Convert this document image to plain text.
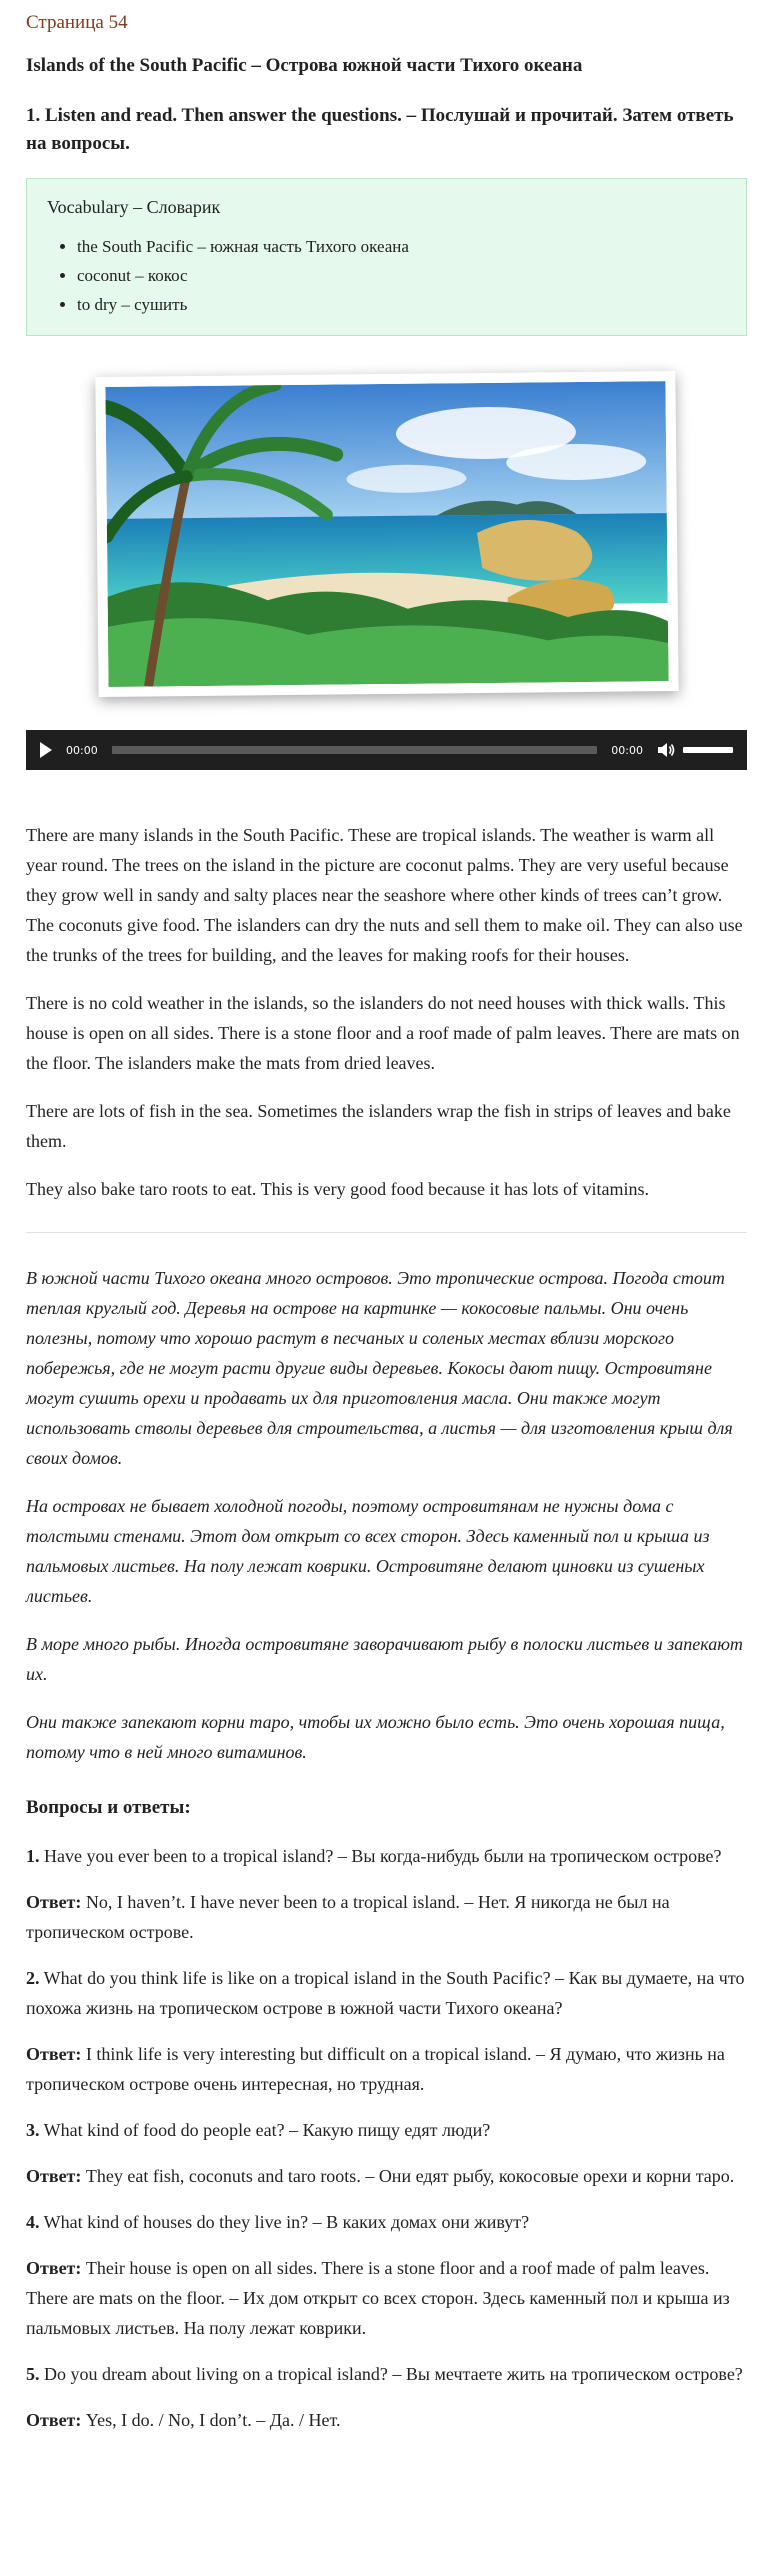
Страница 54
Islands of the South Pacific – Острова южной части Тихого океана
1. Listen and read. Then answer the questions. – Послушай и прочитай. Затем ответь на вопросы.
Vocabulary – Словарик
• the South Pacific – южная часть Тихого океана
• coconut – кокос
• to dry – сушить
00:00	00:00

There are many islands in the South Pacific. These are tropical islands. The weather is warm all year round. The trees on the island in the picture are coconut palms. They are very useful because they grow well in sandy and salty places near the seashore where other kinds of trees can’t grow. The coconuts give food. The islanders can dry the nuts and sell them to make oil. They can also use the trunks of the trees for building, and the leaves for making roofs for their houses.

There is no cold weather in the islands, so the islanders do not need houses with thick walls. This house is open on all sides. There is a stone floor and a roof made of palm leaves. There are mats on the floor. The islanders make the mats from dried leaves.

There are lots of fish in the sea. Sometimes the islanders wrap the fish in strips of leaves and bake them.

They also bake taro roots to eat. This is very good food because it has lots of vitamins.

В южной части Тихого океана много островов. Это тропические острова. Погода стоит теплая круглый год. Деревья на острове на картинке — кокосовые пальмы. Они очень полезны, потому что хорошо растут в песчаных и соленых местах вблизи морского побережья, где не могут расти другие виды деревьев. Кокосы дают пищу. Островитяне могут сушить орехи и продавать их для приготовления масла. Они также могут использовать стволы деревьев для строительства, а листья — для изготовления крыш для своих домов.

На островах не бывает холодной погоды, поэтому островитянам не нужны дома с толстыми стенами. Этот дом открыт со всех сторон. Здесь каменный пол и крыша из пальмовых листьев. На полу лежат коврики. Островитяне делают циновки из сушеных листьев.

В море много рыбы. Иногда островитяне заворачивают рыбу в полоски листьев и запекают их.

Они также запекают корни таро, чтобы их можно было есть. Это очень хорошая пища, потому что в ней много витаминов.

Вопросы и ответы:

1. Have you ever been to a tropical island? – Вы когда-нибудь были на тропическом острове?

Ответ: No, I haven’t. I have never been to a tropical island. – Нет. Я никогда не был на тропическом острове.

2. What do you think life is like on a tropical island in the South Pacific? – Как вы думаете, на что похожа жизнь на тропическом острове в южной части Тихого океана?

Ответ: I think life is very interesting but difficult on a tropical island. – Я думаю, что жизнь на тропическом острове очень интересная, но трудная.

3. What kind of food do people eat? – Какую пищу едят люди?

Ответ: They eat fish, coconuts and taro roots. – Они едят рыбу, кокосовые орехи и корни таро.

4. What kind of houses do they live in? – В каких домах они живут?

Ответ: Their house is open on all sides. There is a stone floor and a roof made of palm leaves. There are mats on the floor. – Их дом открыт со всех сторон. Здесь каменный пол и крыша из пальмовых листьев. На полу лежат коврики.

5. Do you dream about living on a tropical island? – Вы мечтаете жить на тропическом острове?

Ответ: Yes, I do. / No, I don’t. – Да. / Нет.
